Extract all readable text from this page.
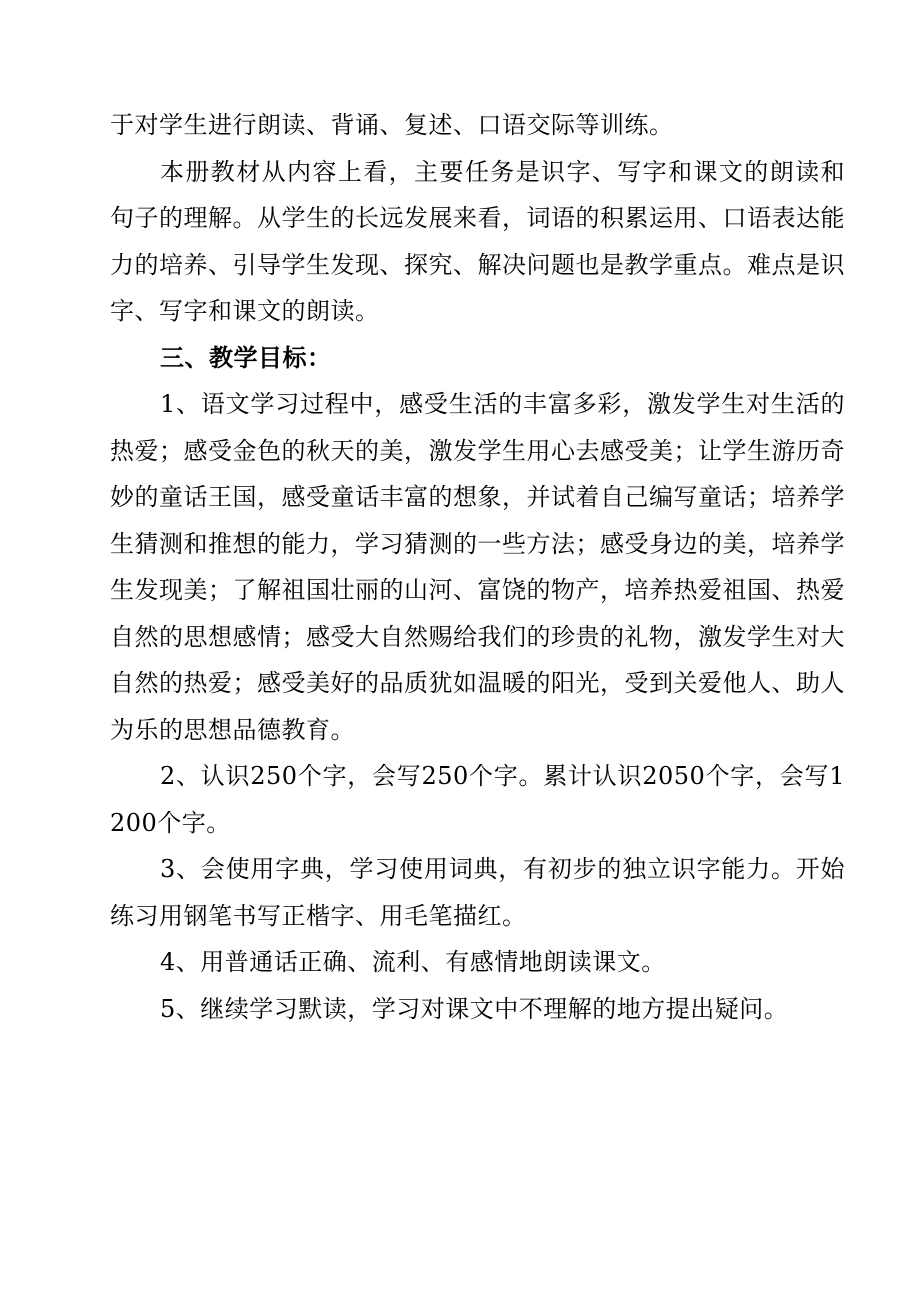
于对学生进行朗读、背诵、复述、口语交际等训练。

本册教材从内容上看，主要任务是识字、写字和课文的朗读和句子的理解。从学生的长远发展来看，词语的积累运用、口语表达能力的培养、引导学生发现、探究、解决问题也是教学重点。难点是识字、写字和课文的朗读。

三、教学目标：

1、语文学习过程中，感受生活的丰富多彩，激发学生对生活的热爱；感受金色的秋天的美，激发学生用心去感受美；让学生游历奇妙的童话王国，感受童话丰富的想象，并试着自己编写童话；培养学生猜测和推想的能力，学习猜测的一些方法；感受身边的美，培养学生发现美；了解祖国壮丽的山河、富饶的物产，培养热爱祖国、热爱自然的思想感情；感受大自然赐给我们的珍贵的礼物，激发学生对大自然的热爱；感受美好的品质犹如温暖的阳光，受到关爱他人、助人为乐的思想品德教育。

2、认识250个字，会写250个字。累计认识2050个字，会写1200个字。

3、会使用字典，学习使用词典，有初步的独立识字能力。开始练习用钢笔书写正楷字、用毛笔描红。

4、用普通话正确、流利、有感情地朗读课文。

5、继续学习默读，学习对课文中不理解的地方提出疑问。
